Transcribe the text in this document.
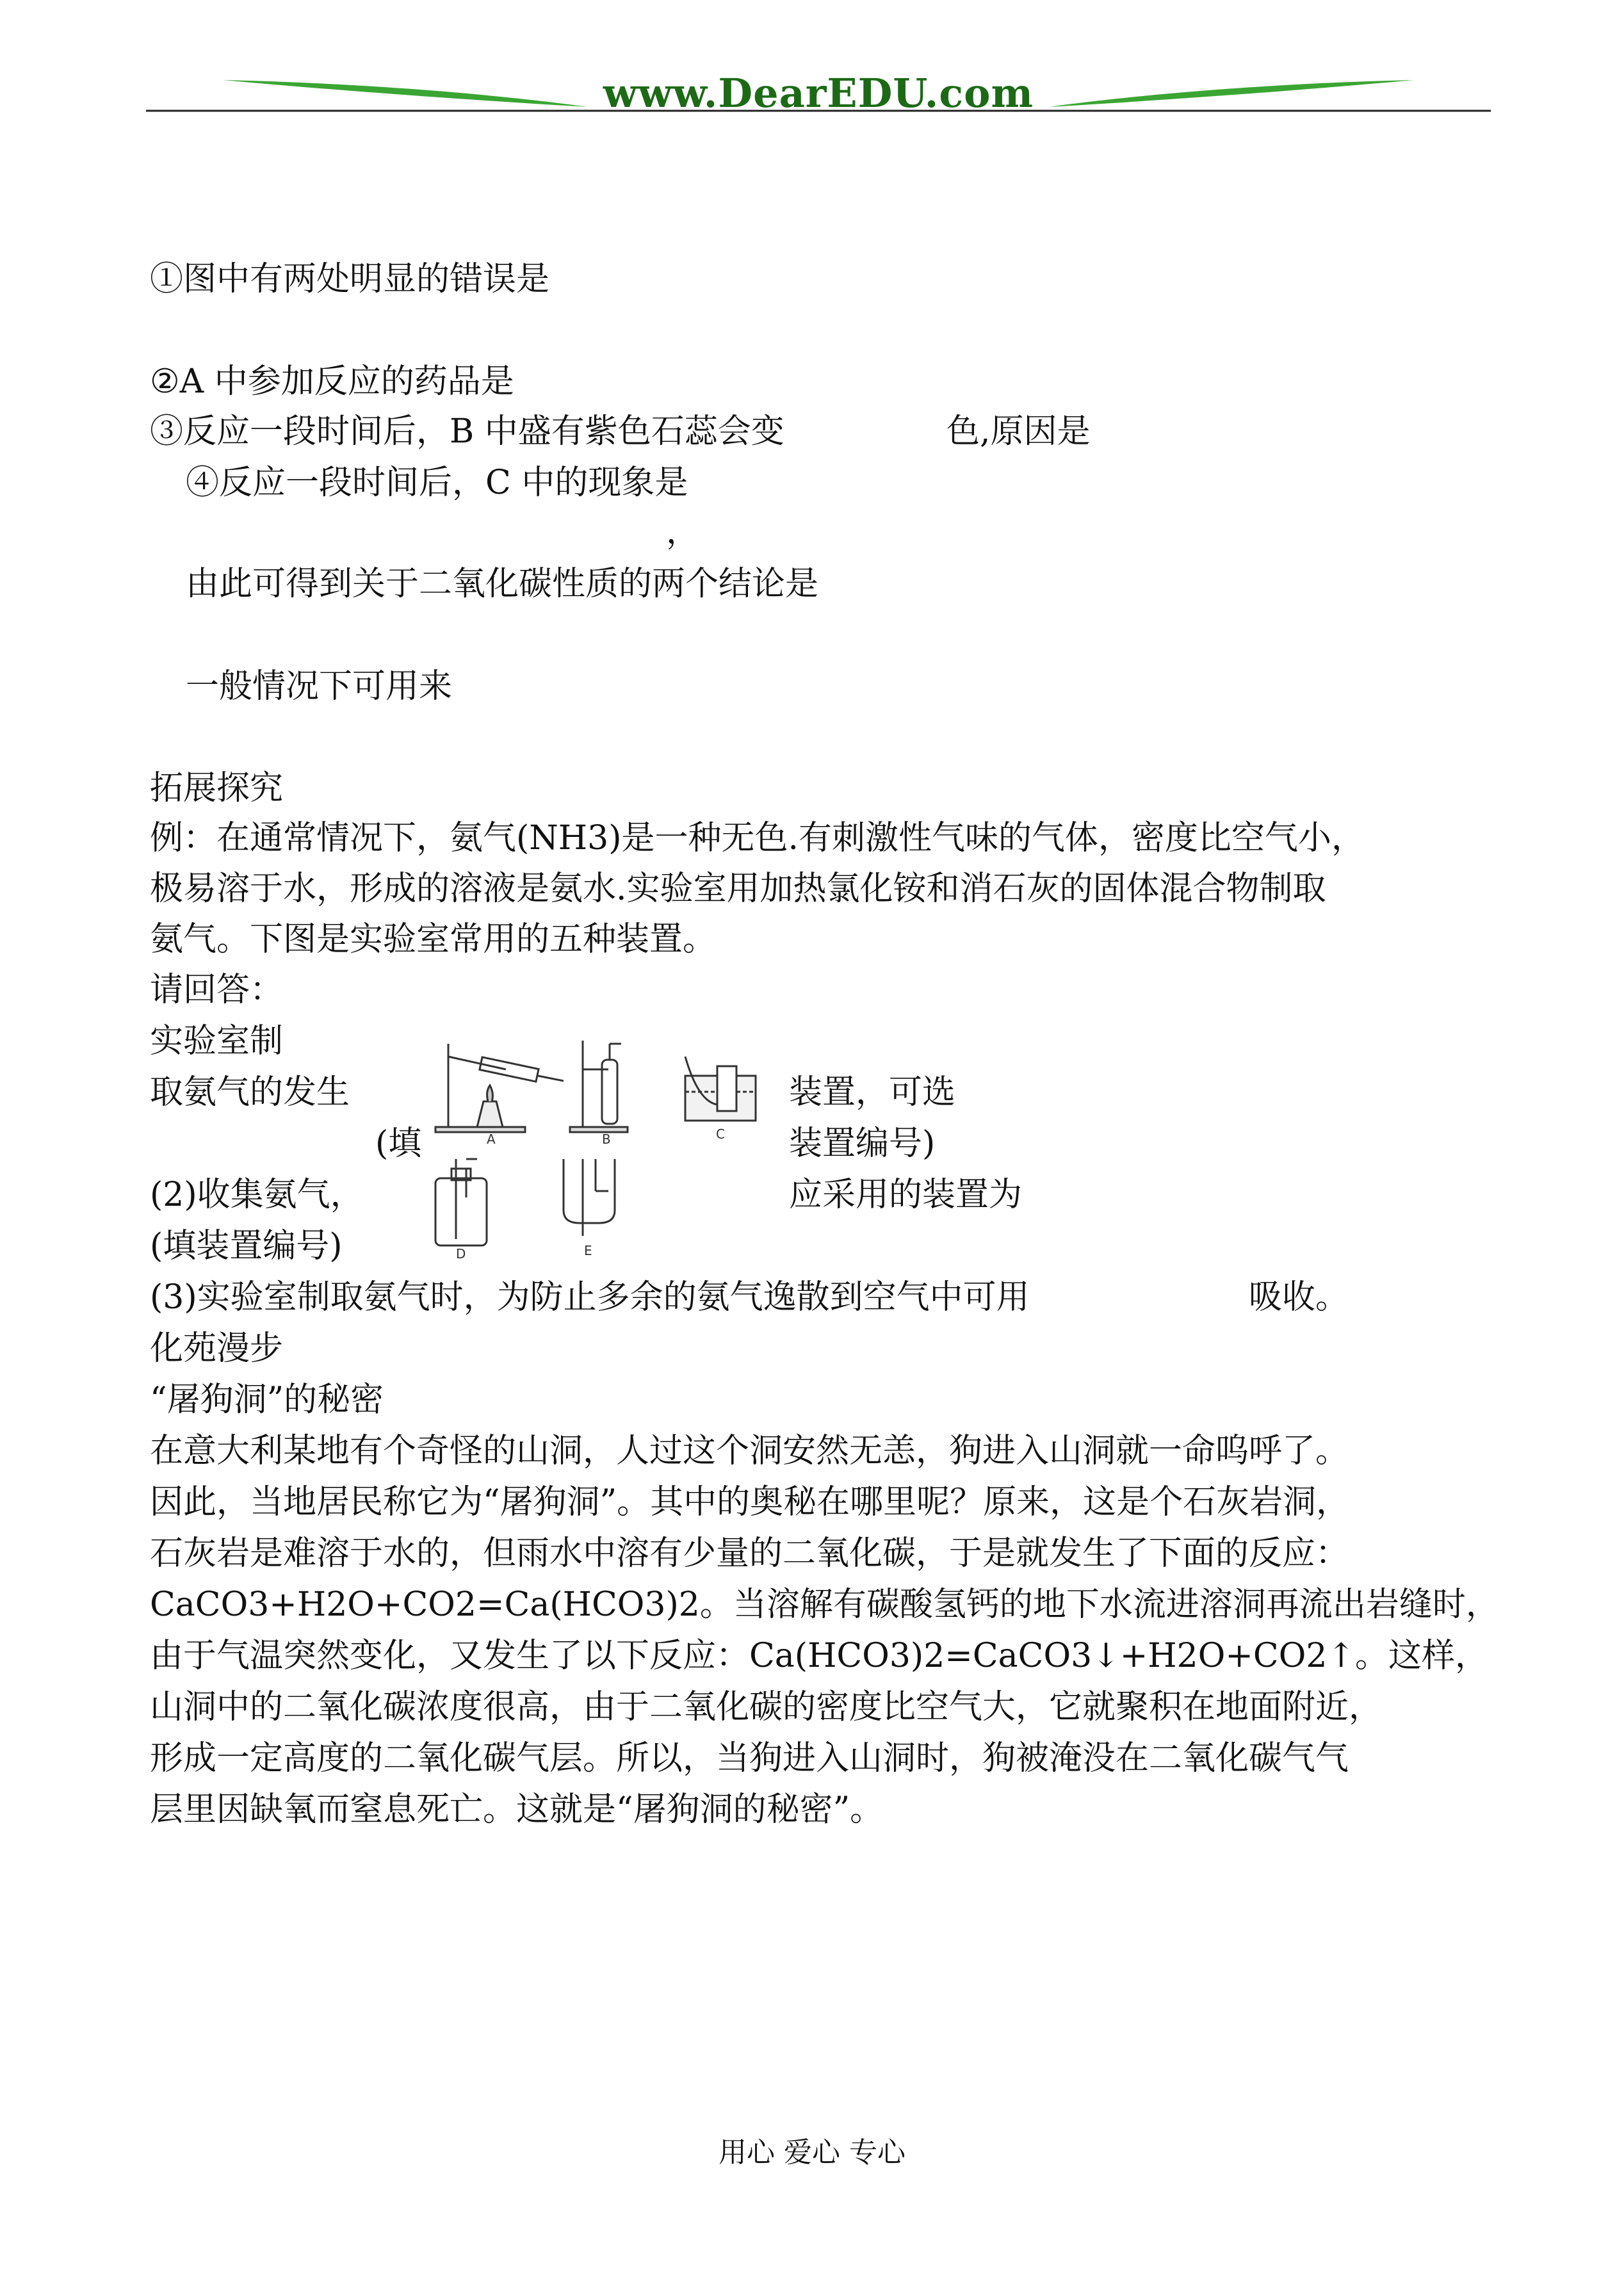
www.DearEDU.com
①图中有两处明显的错误是
②A 中参加反应的药品是
③反应一段时间后，B 中盛有紫色石蕊会变	色,原因是
④反应一段时间后，C 中的现象是
，
由此可得到关于二氧化碳性质的两个结论是
一般情况下可用来
拓展探究
例：在通常情况下，氨气(NH3)是一种无色.有刺激性气味的气体，密度比空气小，
极易溶于水，形成的溶液是氨水.实验室用加热氯化铵和消石灰的固体混合物制取
氨气。下图是实验室常用的五种装置。
请回答：
实验室制
取氨气的发生	装置，可选
(填	装置编号)
(2)收集氨气，	应采用的装置为
(填装置编号)
(3)实验室制取氨气时，为防止多余的氨气逸散到空气中可用	吸收。
化苑漫步
“屠狗洞”的秘密
在意大利某地有个奇怪的山洞，人过这个洞安然无恙，狗进入山洞就一命呜呼了。
因此，当地居民称它为“屠狗洞”。其中的奥秘在哪里呢？原来，这是个石灰岩洞，
石灰岩是难溶于水的，但雨水中溶有少量的二氧化碳，于是就发生了下面的反应：
CaCO3+H2O+CO2=Ca(HCO3)2。当溶解有碳酸氢钙的地下水流进溶洞再流出岩缝时，
由于气温突然变化，又发生了以下反应：Ca(HCO3)2=CaCO3↓+H2O+CO2↑。这样，
山洞中的二氧化碳浓度很高，由于二氧化碳的密度比空气大，它就聚积在地面附近，
形成一定高度的二氧化碳气层。所以，当狗进入山洞时，狗被淹没在二氧化碳气气
层里因缺氧而窒息死亡。这就是“屠狗洞的秘密”。
A	B	C
D	E
用心 爱心 专心
